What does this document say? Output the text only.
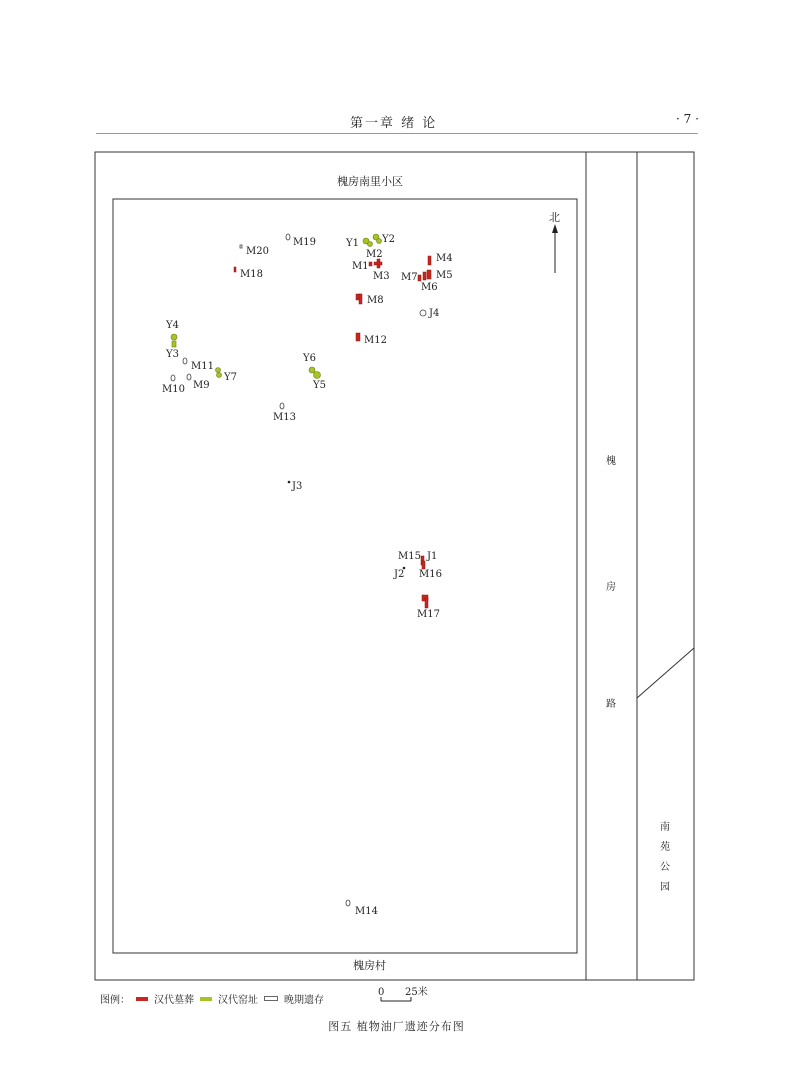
第一章 绪 论	· 7 ·
北
槐房南里小区
槐房村
槐
房
路
南
苑
公
园
M19
M20
M18
Y1 Y2
M2
M1
M3
M4
M5
M7
M6
M8
J4
M12
Y4
Y3
M11
Y7
M9
M10
Y6
Y5
M13
J3
M15 J1
J2 M16
M17
M14
图例： 汉代墓葬 汉代窑址	晚期遗存
0 25米
图五 植物油厂遗迹分布图
